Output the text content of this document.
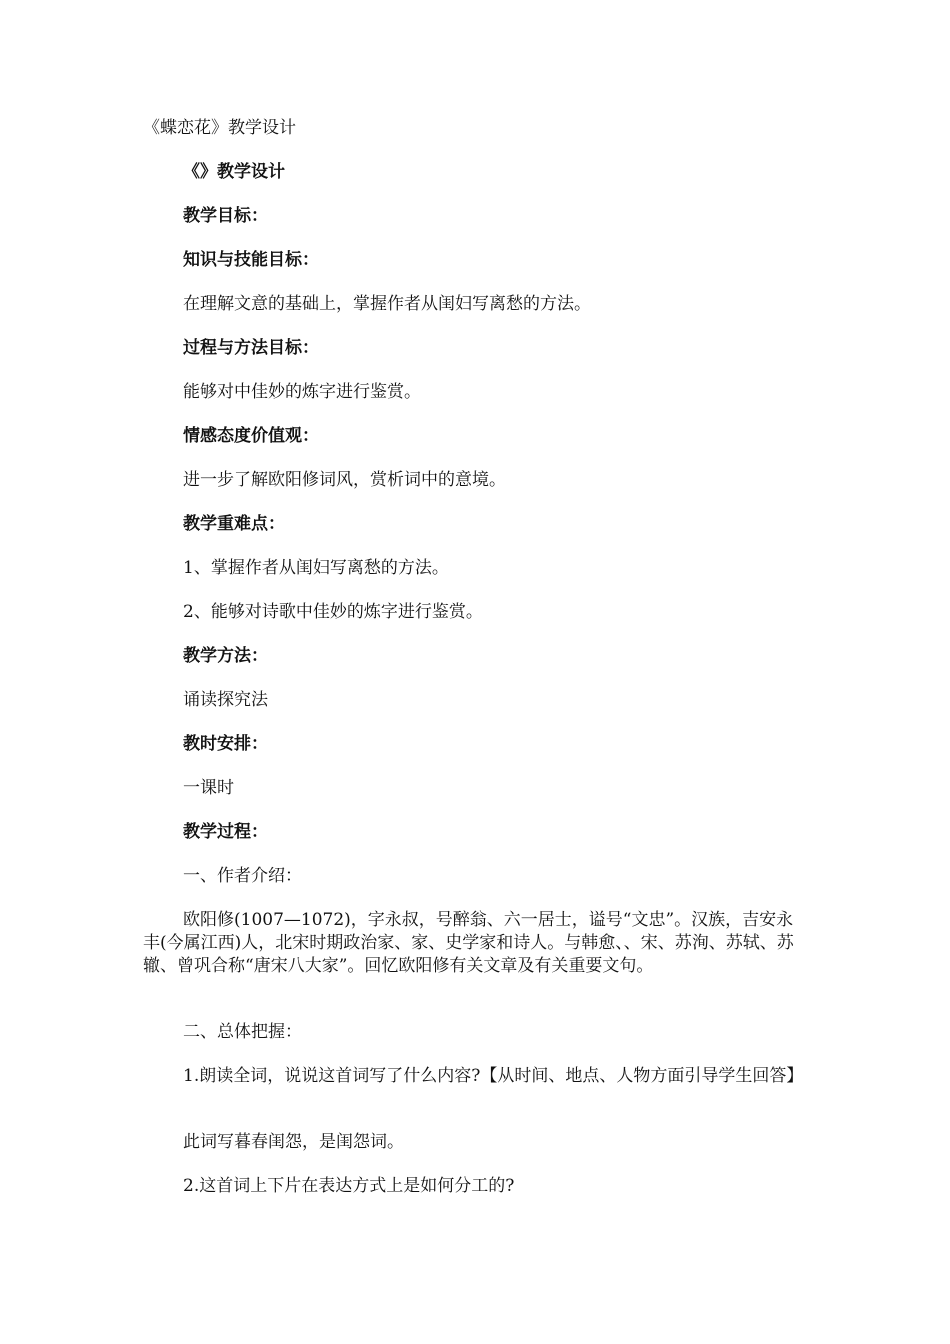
《蝶恋花》教学设计

《》教学设计

教学目标：

知识与技能目标：

在理解文意的基础上，掌握作者从闺妇写离愁的方法。

过程与方法目标：

能够对中佳妙的炼字进行鉴赏。

情感态度价值观：

进一步了解欧阳修词风，赏析词中的意境。

教学重难点：

1、掌握作者从闺妇写离愁的方法。

2、能够对诗歌中佳妙的炼字进行鉴赏。

教学方法：

诵读探究法

教时安排：

一课时

教学过程：

一、作者介绍：

欧阳修(1007—1072)，字永叔，号醉翁、六一居士，谥号“文忠”。汉族，吉安永丰(今属江西)人，北宋时期政治家、家、史学家和诗人。与韩愈、、宋、苏洵、苏轼、苏辙、曾巩合称“唐宋八大家”。回忆欧阳修有关文章及有关重要文句。

二、总体把握：

1.朗读全词，说说这首词写了什么内容?【从时间、地点、人物方面引导学生回答】

此词写暮春闺怨，是闺怨词。

2.这首词上下片在表达方式上是如何分工的?
